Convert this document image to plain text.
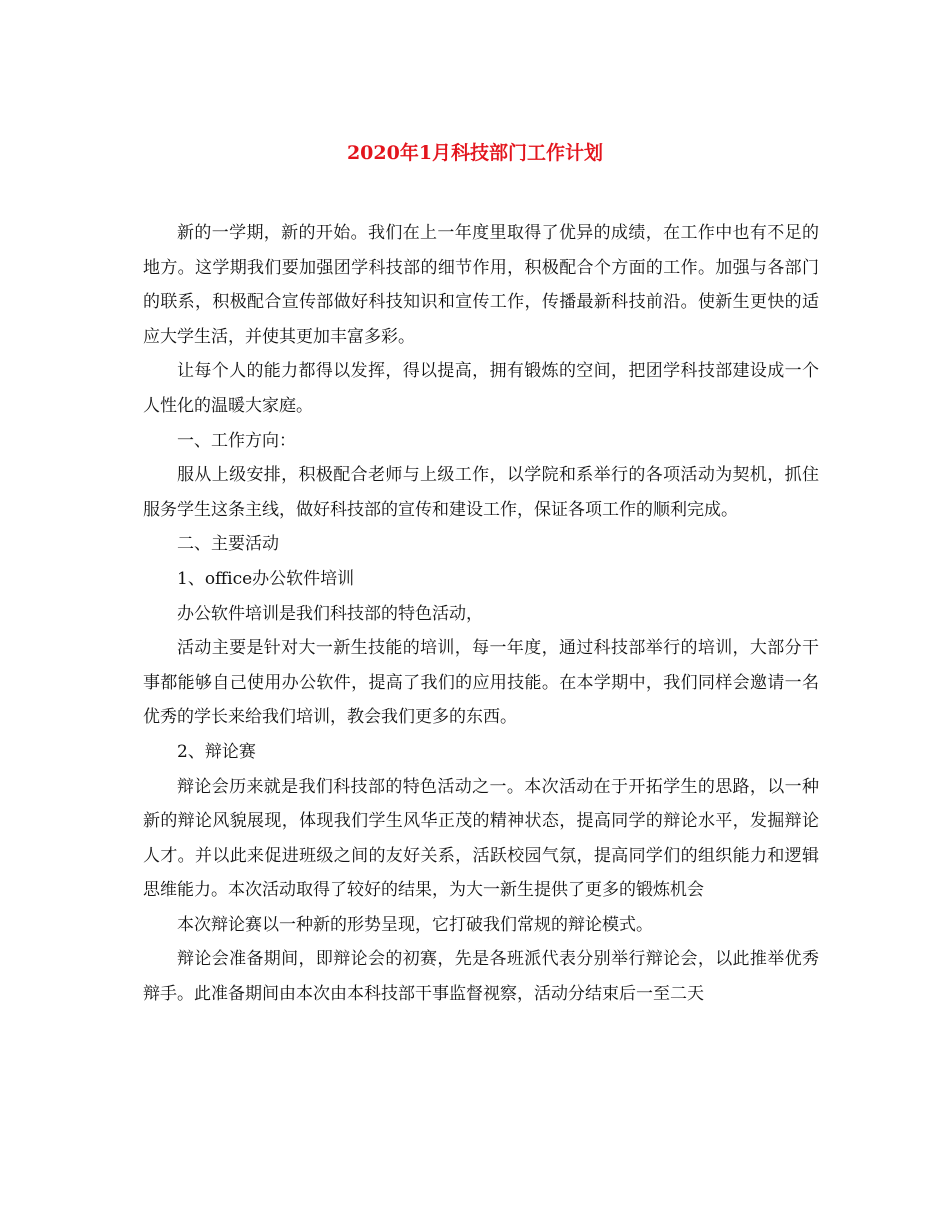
2020年1月科技部门工作计划

新的一学期，新的开始。我们在上一年度里取得了优异的成绩，在工作中也有不足的地方。这学期我们要加强团学科技部的细节作用，积极配合个方面的工作。加强与各部门的联系，积极配合宣传部做好科技知识和宣传工作，传播最新科技前沿。使新生更快的适应大学生活，并使其更加丰富多彩。

让每个人的能力都得以发挥，得以提高，拥有锻炼的空间，把团学科技部建设成一个人性化的温暖大家庭。

一、工作方向：

服从上级安排，积极配合老师与上级工作，以学院和系举行的各项活动为契机，抓住服务学生这条主线，做好科技部的宣传和建设工作，保证各项工作的顺利完成。

二、主要活动

1、office办公软件培训

办公软件培训是我们科技部的特色活动，

活动主要是针对大一新生技能的培训，每一年度，通过科技部举行的培训，大部分干事都能够自己使用办公软件，提高了我们的应用技能。在本学期中，我们同样会邀请一名优秀的学长来给我们培训，教会我们更多的东西。

2、辩论赛

辩论会历来就是我们科技部的特色活动之一。本次活动在于开拓学生的思路，以一种新的辩论风貌展现，体现我们学生风华正茂的精神状态，提高同学的辩论水平，发掘辩论人才。并以此来促进班级之间的友好关系，活跃校园气氛，提高同学们的组织能力和逻辑思维能力。本次活动取得了较好的结果，为大一新生提供了更多的锻炼机会

本次辩论赛以一种新的形势呈现，它打破我们常规的辩论模式。

辩论会准备期间，即辩论会的初赛，先是各班派代表分别举行辩论会，以此推举优秀辩手。此准备期间由本次由本科技部干事监督视察，活动分结束后一至二天
